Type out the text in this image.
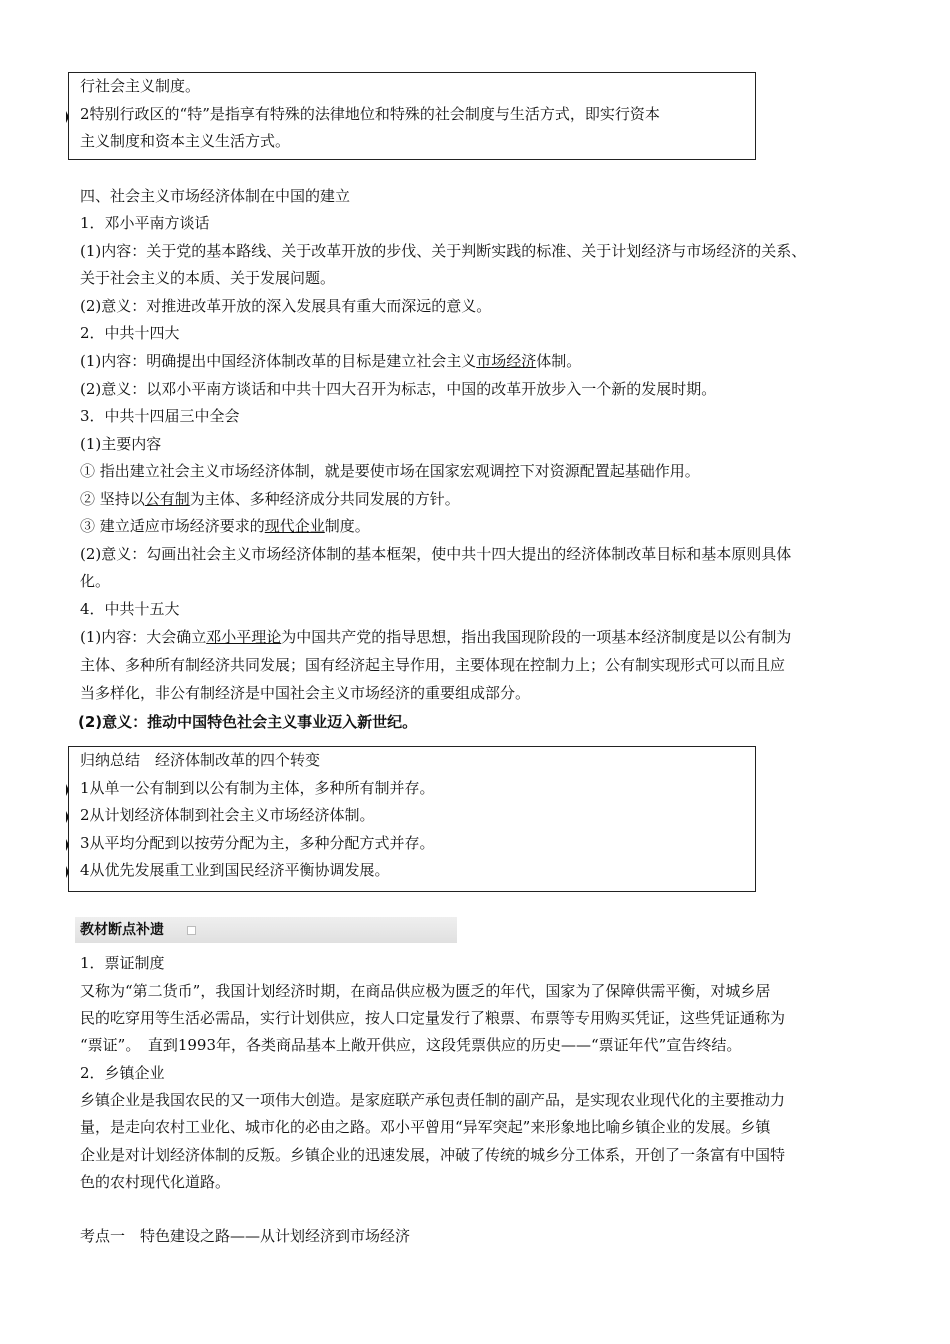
行社会主义制度。
2特别行政区的“特”是指享有特殊的法律地位和特殊的社会制度与生活方式，即实行资本
主义制度和资本主义生活方式。
四、社会主义市场经济体制在中国的建立
1．邓小平南方谈话
(1)内容：关于党的基本路线、关于改革开放的步伐、关于判断实践的标准、关于计划经济与市场经济的关系、
关于社会主义的本质、关于发展问题。
(2)意义：对推进改革开放的深入发展具有重大而深远的意义。
2．中共十四大
(1)内容：明确提出中国经济体制改革的目标是建立社会主义市场经济体制。
(2)意义：以邓小平南方谈话和中共十四大召开为标志，中国的改革开放步入一个新的发展时期。
3．中共十四届三中全会
(1)主要内容
① 指出建立社会主义市场经济体制，就是要使市场在国家宏观调控下对资源配置起基础作用。
② 坚持以公有制为主体、多种经济成分共同发展的方针。
③ 建立适应市场经济要求的现代企业制度。
(2)意义：勾画出社会主义市场经济体制的基本框架，使中共十四大提出的经济体制改革目标和基本原则具体
化。
4．中共十五大
(1)内容：大会确立邓小平理论为中国共产党的指导思想，指出我国现阶段的一项基本经济制度是以公有制为
主体、多种所有制经济共同发展；国有经济起主导作用，主要体现在控制力上；公有制实现形式可以而且应
当多样化，非公有制经济是中国社会主义市场经济的重要组成部分。
(2)意义：推动中国特色社会主义事业迈入新世纪。
归纳总结　经济体制改革的四个转变
1从单一公有制到以公有制为主体，多种所有制并存。
2从计划经济体制到社会主义市场经济体制。
3从平均分配到以按劳分配为主，多种分配方式并存。
4从优先发展重工业到国民经济平衡协调发展。
教材断点补遗
1．票证制度
又称为“第二货币”，我国计划经济时期，在商品供应极为匮乏的年代，国家为了保障供需平衡，对城乡居
民的吃穿用等生活必需品，实行计划供应，按人口定量发行了粮票、布票等专用购买凭证，这些凭证通称为
“票证”。　直到1993年，各类商品基本上敞开供应，这段凭票供应的历史——“票证年代”宣告终结。
2．乡镇企业
乡镇企业是我国农民的又一项伟大创造。是家庭联产承包责任制的副产品，是实现农业现代化的主要推动力
量，是走向农村工业化、城市化的必由之路。邓小平曾用“异军突起”来形象地比喻乡镇企业的发展。乡镇
企业是对计划经济体制的反叛。乡镇企业的迅速发展，冲破了传统的城乡分工体系，开创了一条富有中国特
色的农村现代化道路。
考点一　特色建设之路——从计划经济到市场经济
